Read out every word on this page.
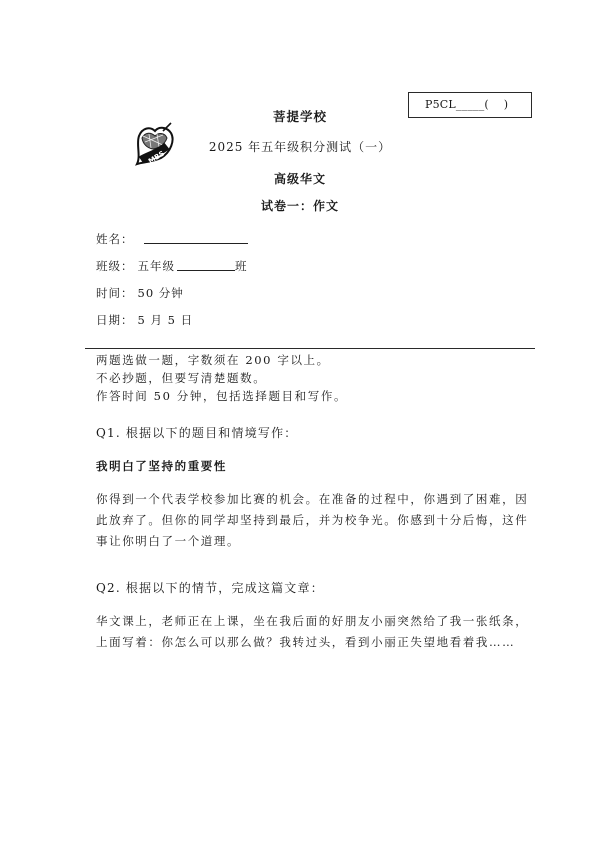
P5CL_____(    )
MBS
菩提学校
2025 年五年级积分测试（一）
高级华文
试卷一：作文
姓名：
班级： 五年级	班
时间： 50 分钟
日期： 5 月 5 日
两题选做一题，字数须在 200 字以上。
不必抄题，但要写清楚题数。
作答时间 50 分钟，包括选择题目和写作。
Q1. 根据以下的题目和情境写作：
我明白了坚持的重要性
你得到一个代表学校参加比赛的机会。在准备的过程中，你遇到了困难，因此放弃了。但你的同学却坚持到最后，并为校争光。你感到十分后悔，这件事让你明白了一个道理。
Q2. 根据以下的情节，完成这篇文章：
华文课上，老师正在上课，坐在我后面的好朋友小丽突然给了我一张纸条，上面写着：你怎么可以那么做？我转过头，看到小丽正失望地看着我……
